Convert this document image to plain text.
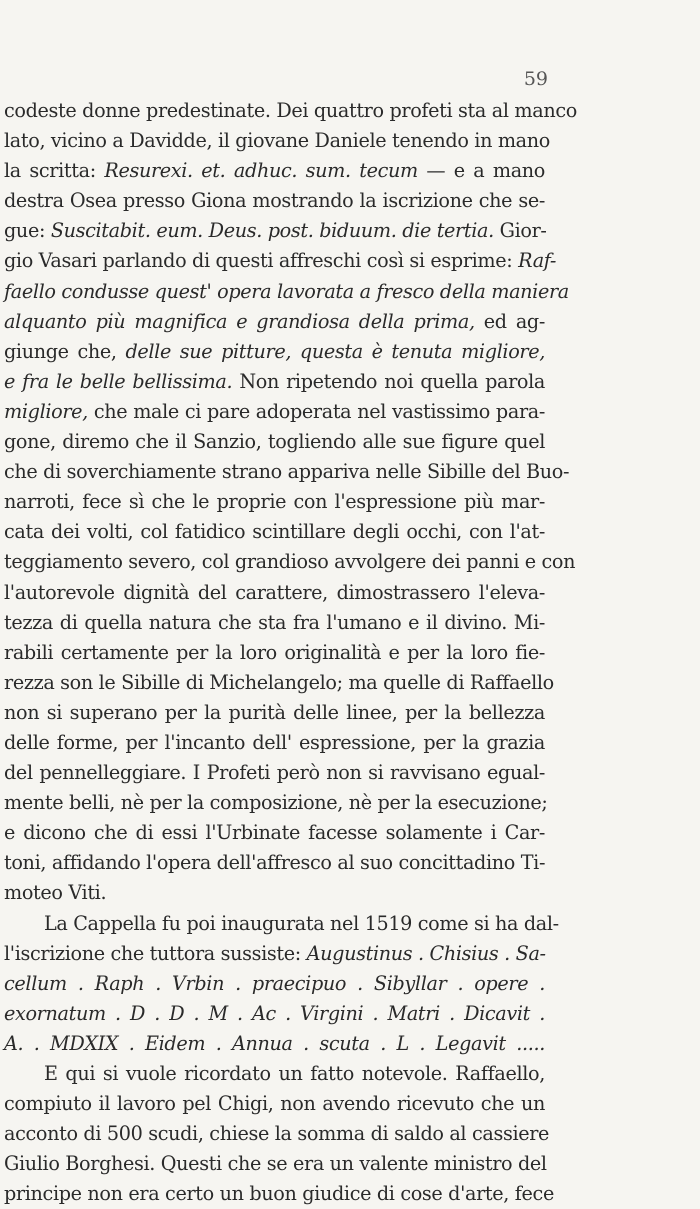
59
codeste donne predestinate. Dei quattro profeti sta al manco
lato, vicino a Davidde, il giovane Daniele tenendo in mano
la scritta: Resurexi. et. adhuc. sum. tecum — e a mano
destra Osea presso Giona mostrando la iscrizione che se-
gue: Suscitabit. eum. Deus. post. biduum. die tertia. Gior-
gio Vasari parlando di questi affreschi così si esprime: Raf-
faello condusse quest' opera lavorata a fresco della maniera
alquanto più magnifica e grandiosa della prima, ed ag-
giunge che, delle sue pitture, questa è tenuta migliore,
e fra le belle bellissima. Non ripetendo noi quella parola
migliore, che male ci pare adoperata nel vastissimo para-
gone, diremo che il Sanzio, togliendo alle sue figure quel
che di soverchiamente strano appariva nelle Sibille del Buo-
narroti, fece sì che le proprie con l'espressione più mar-
cata dei volti, col fatidico scintillare degli occhi, con l'at-
teggiamento severo, col grandioso avvolgere dei panni e con
l'autorevole dignità del carattere, dimostrassero l'eleva-
tezza di quella natura che sta fra l'umano e il divino. Mi-
rabili certamente per la loro originalità e per la loro fie-
rezza son le Sibille di Michelangelo; ma quelle di Raffaello
non si superano per la purità delle linee, per la bellezza
delle forme, per l'incanto dell' espressione, per la grazia
del pennelleggiare. I Profeti però non si ravvisano egual-
mente belli, nè per la composizione, nè per la esecuzione;
e dicono che di essi l'Urbinate facesse solamente i Car-
toni, affidando l'opera dell'affresco al suo concittadino Ti-
moteo Viti.
La Cappella fu poi inaugurata nel 1519 come si ha dal-
l'iscrizione che tuttora sussiste: Augustinus . Chisius . Sa-
cellum . Raph . Vrbin . praecipuo . Sibyllar . opere .
exornatum . D . D . M . Ac . Virgini . Matri . Dicavit .
A. . MDXIX . Eidem . Annua . scuta . L . Legavit .....
E qui si vuole ricordato un fatto notevole. Raffaello,
compiuto il lavoro pel Chigi, non avendo ricevuto che un
acconto di 500 scudi, chiese la somma di saldo al cassiere
Giulio Borghesi. Questi che se era un valente ministro del
principe non era certo un buon giudice di cose d'arte, fece
